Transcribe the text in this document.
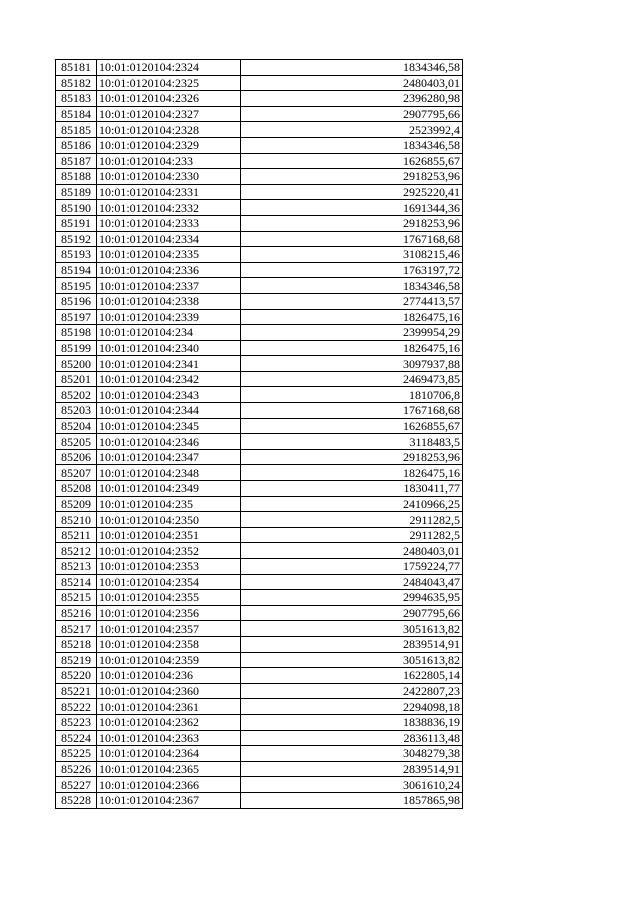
85181	10:01:0120104:2324	1834346,58
85182	10:01:0120104:2325	2480403,01
85183	10:01:0120104:2326	2396280,98
85184	10:01:0120104:2327	2907795,66
85185	10:01:0120104:2328	2523992,4
85186	10:01:0120104:2329	1834346,58
85187	10:01:0120104:233	1626855,67
85188	10:01:0120104:2330	2918253,96
85189	10:01:0120104:2331	2925220,41
85190	10:01:0120104:2332	1691344,36
85191	10:01:0120104:2333	2918253,96
85192	10:01:0120104:2334	1767168,68
85193	10:01:0120104:2335	3108215,46
85194	10:01:0120104:2336	1763197,72
85195	10:01:0120104:2337	1834346,58
85196	10:01:0120104:2338	2774413,57
85197	10:01:0120104:2339	1826475,16
85198	10:01:0120104:234	2399954,29
85199	10:01:0120104:2340	1826475,16
85200	10:01:0120104:2341	3097937,88
85201	10:01:0120104:2342	2469473,85
85202	10:01:0120104:2343	1810706,8
85203	10:01:0120104:2344	1767168,68
85204	10:01:0120104:2345	1626855,67
85205	10:01:0120104:2346	3118483,5
85206	10:01:0120104:2347	2918253,96
85207	10:01:0120104:2348	1826475,16
85208	10:01:0120104:2349	1830411,77
85209	10:01:0120104:235	2410966,25
85210	10:01:0120104:2350	2911282,5
85211	10:01:0120104:2351	2911282,5
85212	10:01:0120104:2352	2480403,01
85213	10:01:0120104:2353	1759224,77
85214	10:01:0120104:2354	2484043,47
85215	10:01:0120104:2355	2994635,95
85216	10:01:0120104:2356	2907795,66
85217	10:01:0120104:2357	3051613,82
85218	10:01:0120104:2358	2839514,91
85219	10:01:0120104:2359	3051613,82
85220	10:01:0120104:236	1622805,14
85221	10:01:0120104:2360	2422807,23
85222	10:01:0120104:2361	2294098,18
85223	10:01:0120104:2362	1838836,19
85224	10:01:0120104:2363	2836113,48
85225	10:01:0120104:2364	3048279,38
85226	10:01:0120104:2365	2839514,91
85227	10:01:0120104:2366	3061610,24
85228	10:01:0120104:2367	1857865,98
